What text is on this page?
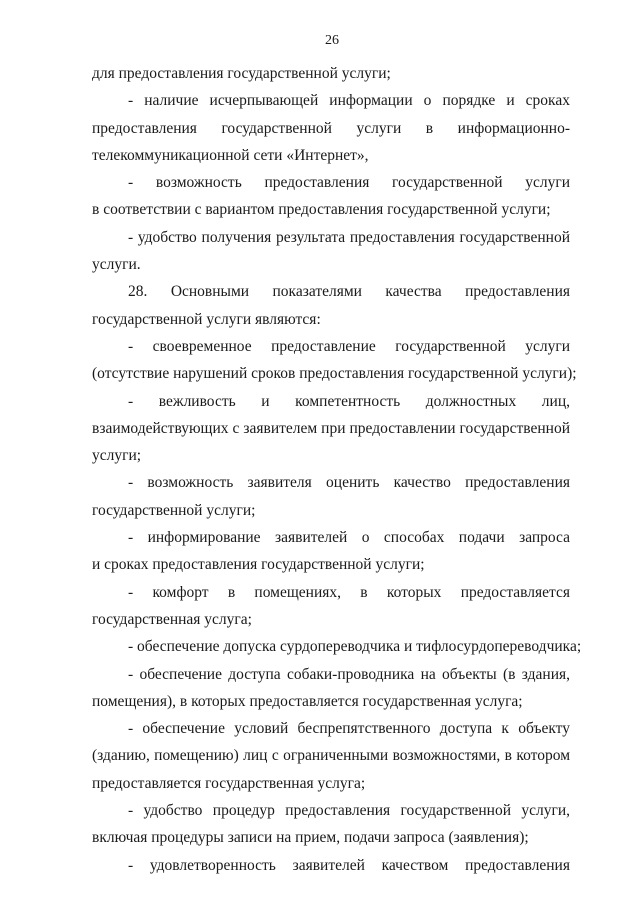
26
для предоставления государственной услуги;
- наличие исчерпывающей информации о порядке и сроках
предоставления государственной услуги в информационно-
телекоммуникационной сети «Интернет»,
- возможность предоставления государственной услуги
в соответствии с вариантом предоставления государственной услуги;
- удобство получения результата предоставления государственной
услуги.
28. Основными показателями качества предоставления
государственной услуги являются:
- своевременное предоставление государственной услуги
(отсутствие нарушений сроков предоставления государственной услуги);
- вежливость и компетентность должностных лиц,
взаимодействующих с заявителем при предоставлении государственной
услуги;
- возможность заявителя оценить качество предоставления
государственной услуги;
- информирование заявителей о способах подачи запроса
и сроках предоставления государственной услуги;
- комфорт в помещениях, в которых предоставляется
государственная услуга;
- обеспечение допуска сурдопереводчика и тифлосурдопереводчика;
- обеспечение доступа собаки-проводника на объекты (в здания,
помещения), в которых предоставляется государственная услуга;
- обеспечение условий беспрепятственного доступа к объекту
(зданию, помещению) лиц с ограниченными возможностями, в котором
предоставляется государственная услуга;
- удобство процедур предоставления государственной услуги,
включая процедуры записи на прием, подачи запроса (заявления);
- удовлетворенность заявителей качеством предоставления
